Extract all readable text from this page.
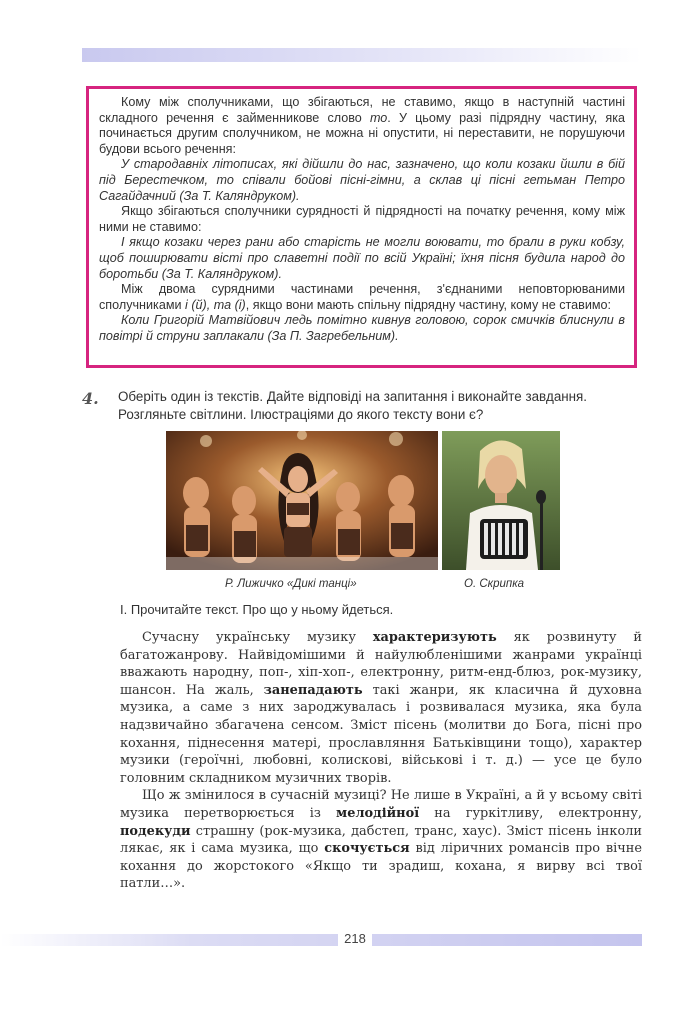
Кому між сполучниками, що збігаються, не ставимо, якщо в наступній частині складного речення є займенникове слово то. У цьому разі підрядну частину, яка починається другим сполучником, не можна ні опустити, ні переставити, не порушуючи будови всього речення:

У стародавніх літописах, які дійшли до нас, зазначено, що коли козаки йшли в бій під Берестечком, то співали бойові пісні-гімни, а склав ці пісні гетьман Петро Сагайдачний (За Т. Каляндруком).

Якщо збігаються сполучники сурядності й підрядності на початку речення, кому між ними не ставимо:

І якщо козаки через рани або старість не могли воювати, то брали в руки кобзу, щоб поширювати вісті про славетні події по всій Україні; їхня пісня будила народ до боротьби (За Т. Каляндруком).

Між двома сурядними частинами речення, з'єднаними неповторюваними сполучниками і (й), та (і), якщо вони мають спільну підрядну частину, кому не ставимо:

Коли Григорій Матвійович ледь помітно кивнув головою, сорок смичків блиснули в повітрі й струни заплакали (За П. Загребельним).

4. Оберіть один із текстів. Дайте відповіді на запитання і виконайте завдання.
Розгляньте світлини. Ілюстраціями до якого тексту вони є?
Р. Лижичко «Дикі танці»	О. Скрипка
І. Прочитайте текст. Про що у ньому йдеться.

Сучасну українську музику характеризують як розвинуту й багатожанрову. Найвідомішими й найулюбленішими жанрами українці вважають народну, поп-, хіп-хоп-, електронну, ритм-енд-блюз, рок-музику, шансон. На жаль, занепадають такі жанри, як класична й духовна музика, а саме з них зароджувалась і розвивалася музика, яка була надзвичайно збагачена сенсом. Зміст пісень (молитви до Бога, пісні про кохання, піднесення матері, прославляння Батьківщини тощо), характер музики (героїчні, любовні, колискові, військові і т. д.) — усе це було головним складником музичних творів.

Що ж змінилося в сучасній музиці? Не лише в Україні, а й у всьому світі музика перетворюється із мелодійної на гуркітливу, електронну, подекуди страшну (рок-музика, дабстеп, транс, хаус). Зміст пісень інколи лякає, як і сама музика, що скочується від ліричних романсів про вічне кохання до жорстокого «Якщо ти зрадиш, кохана, я вирву всі твої патли…».

218
